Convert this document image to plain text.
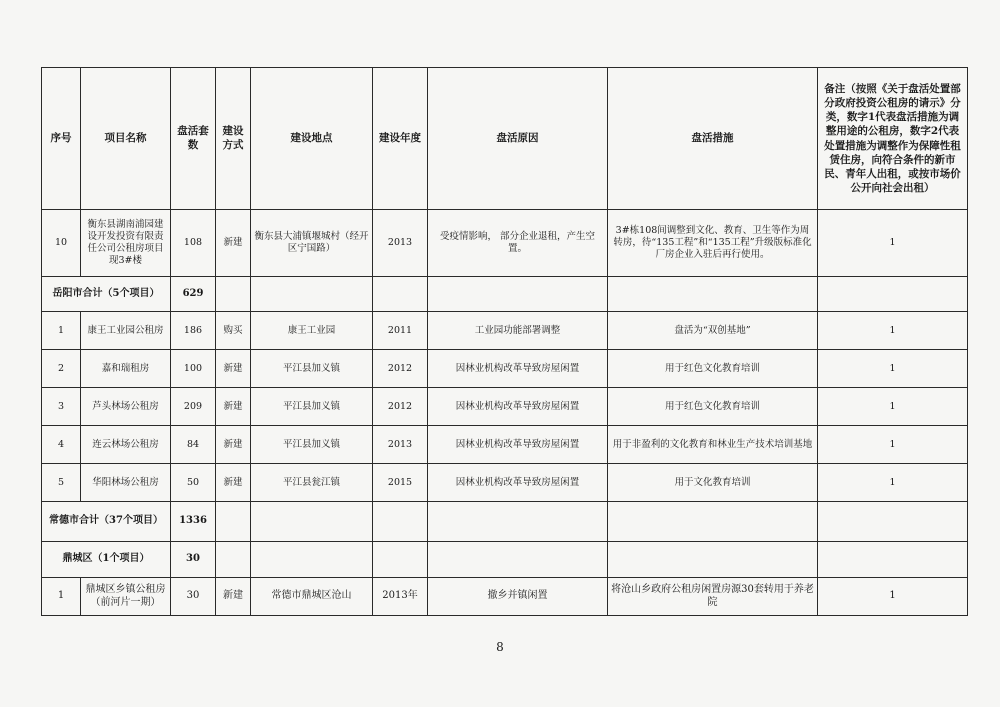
序号	项目名称	盘活套数	建设方式	建设地点	建设年度	盘活原因	盘活措施	备注（按照《关于盘活处置部分政府投资公租房的请示》分类，数字1代表盘活措施为调整用途的公租房，数字2代表处置措施为调整作为保障性租赁住房，向符合条件的新市民、青年人出租，或按市场价公开向社会出租）
10	衡东县湖南浦园建设开发投资有限责任公司公租房项目现3#楼	108	新建	衡东县大浦镇堰城村（经开区宁国路）	2013	受疫情影响， 部分企业退租，产生空置。	3#栋108间调整到文化、教育、卫生等作为周转房，待“135工程”和“135工程”升级版标准化厂房企业入驻后再行使用。	1
岳阳市合计（5个项目）		629						
1	康王工业园公租房	186	购买	康王工业园	2011	工业园功能部署调整	盘活为“双创基地”	1
2	嘉和瑞租房	100	新建	平江县加义镇	2012	因林业机构改革导致房屋闲置	用于红色文化教育培训	1
3	芦头林场公租房	209	新建	平江县加义镇	2012	因林业机构改革导致房屋闲置	用于红色文化教育培训	1
4	连云林场公租房	84	新建	平江县加义镇	2013	因林业机构改革导致房屋闲置	用于非盈利的文化教育和林业生产技术培训基地	1
5	华阳林场公租房	50	新建	平江县瓮江镇	2015	因林业机构改革导致房屋闲置	用于文化教育培训	1
常德市合计（37个项目）		1336						
鼎城区（1个项目）		30						
1	鼎城区乡镇公租房（前河片一期）	30	新建	常德市鼎城区沧山	2013年	撤乡并镇闲置	将沧山乡政府公租房闲置房源30套转用于养老院	1
8
